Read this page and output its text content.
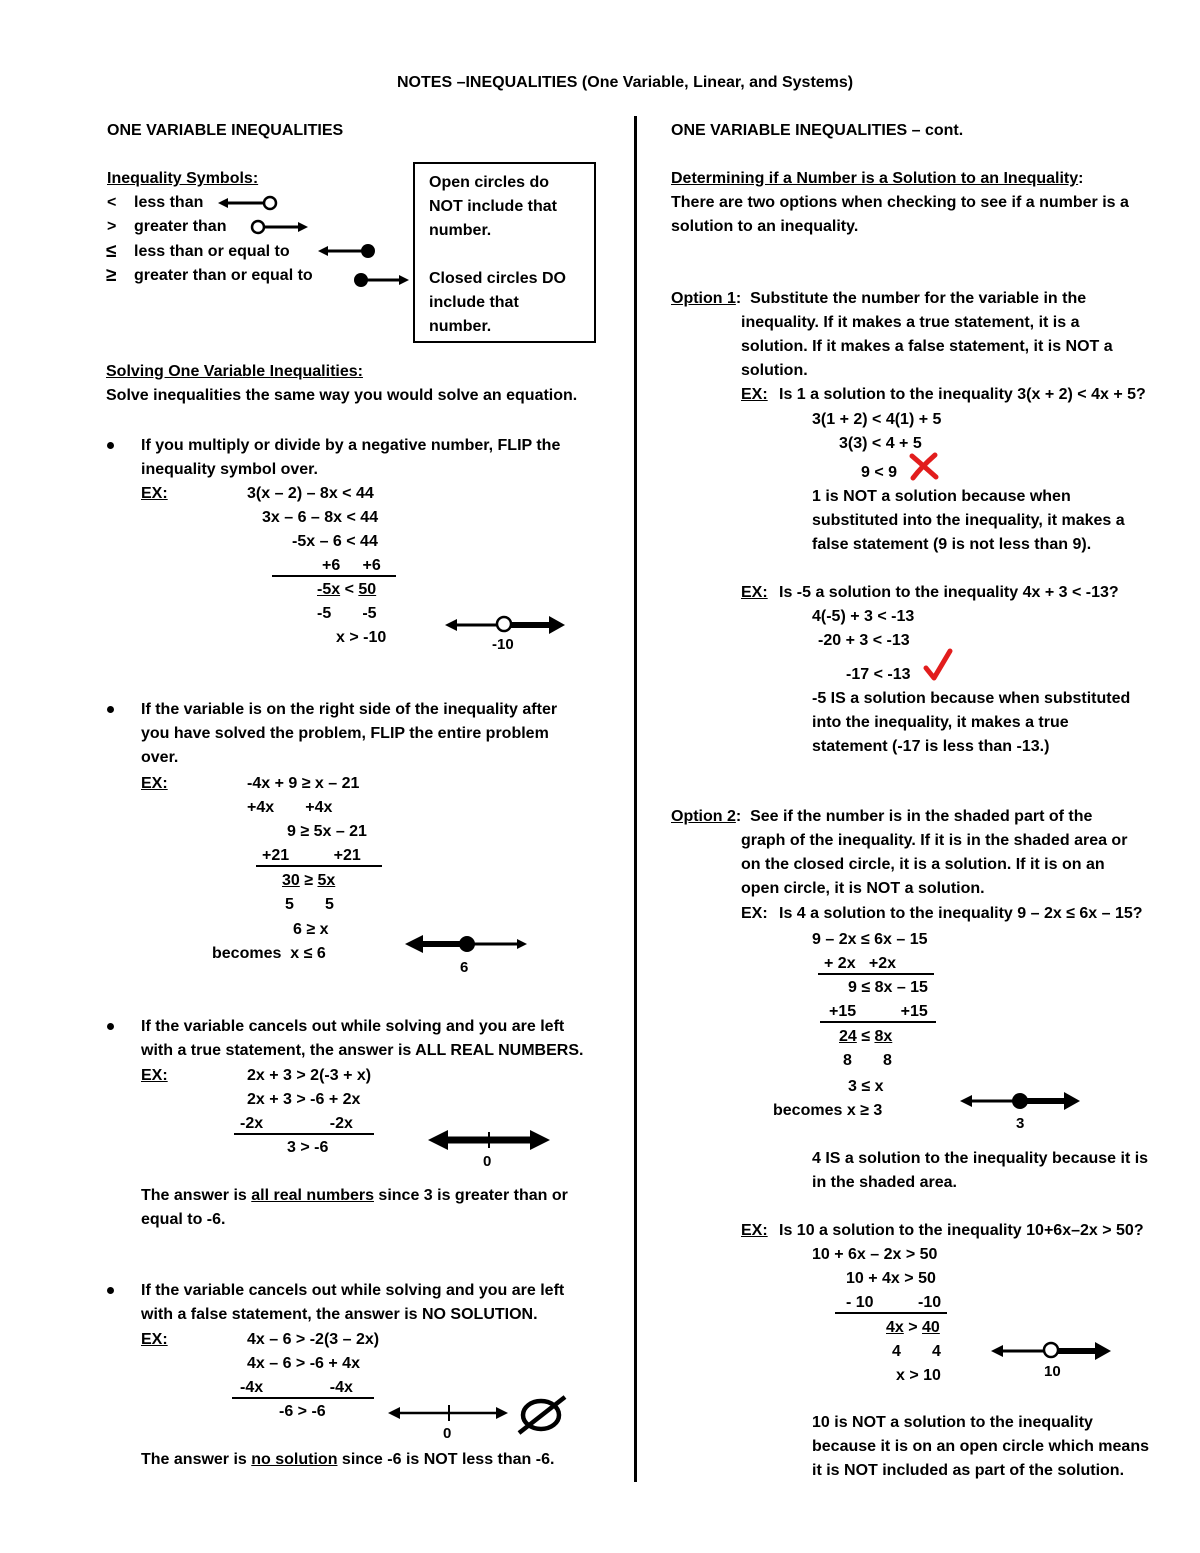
NOTES –INEQUALITIES (One Variable, Linear, and Systems)
ONE VARIABLE INEQUALITIES
Inequality Symbols:
< less than
> greater than
≤ less than or equal to
≥ greater than or equal to
Open circles do
NOT include that
number.
Closed circles DO
include that
number.
Solving One Variable Inequalities:
Solve inequalities the same way you would solve an equation.
If you multiply or divide by a negative number, FLIP the
inequality symbol over.
EX:	3(x – 2) – 8x < 44
3x – 6 – 8x < 44
-5x – 6 < 44
+6     +6
-5x < 50
-5       -5
x > -10	-10
If the variable is on the right side of the inequality after
you have solved the problem, FLIP the entire problem
over.
EX:	-4x + 9 ≥ x – 21
+4x       +4x
9 ≥ 5x – 21
+21          +21
30 ≥ 5x
5       5
6 ≥ x
becomes  x ≤ 6
6
If the variable cancels out while solving and you are left
with a true statement, the answer is ALL REAL NUMBERS.
EX:	2x + 3 > 2(-3 + x)
2x + 3 > -6 + 2x
-2x               -2x
3 > -6
0
The answer is all real numbers since 3 is greater than or
equal to -6.
If the variable cancels out while solving and you are left
with a false statement, the answer is NO SOLUTION.
EX:	4x – 6 > -2(3 – 2x)
4x – 6 > -6 + 4x
-4x               -4x
-6 > -6
0
The answer is no solution since -6 is NOT less than -6.
ONE VARIABLE INEQUALITIES – cont.
Determining if a Number is a Solution to an Inequality:
There are two options when checking to see if a number is a
solution to an inequality.
Option 1:  Substitute the number for the variable in the
inequality. If it makes a true statement, it is a
solution. If it makes a false statement, it is NOT a
solution.
EX: Is 1 a solution to the inequality 3(x + 2) < 4x + 5?
3(1 + 2) < 4(1) + 5
3(3) < 4 + 5
9 < 9
1 is NOT a solution because when
substituted into the inequality, it makes a
false statement (9 is not less than 9).
EX: Is -5 a solution to the inequality 4x + 3 < -13?
4(-5) + 3 < -13
-20 + 3 < -13
-17 < -13
-5 IS a solution because when substituted
into the inequality, it makes a true
statement (-17 is less than -13.)
Option 2:  See if the number is in the shaded part of the
graph of the inequality. If it is in the shaded area or
on the closed circle, it is a solution. If it is on an
open circle, it is NOT a solution.
EX: Is 4 a solution to the inequality 9 – 2x ≤ 6x – 15?
9 – 2x ≤ 6x – 15
+ 2x   +2x
9 ≤ 8x – 15
+15          +15
24 ≤ 8x
8       8
3 ≤ x
becomes x ≥ 3
3
4 IS a solution to the inequality because it is
in the shaded area.
EX: Is 10 a solution to the inequality 10+6x–2x > 50?
10 + 6x – 2x > 50
10 + 4x > 50
- 10          -10
4x > 40
4       4
x > 10	10
10 is NOT a solution to the inequality
because it is on an open circle which means
it is NOT included as part of the solution.
